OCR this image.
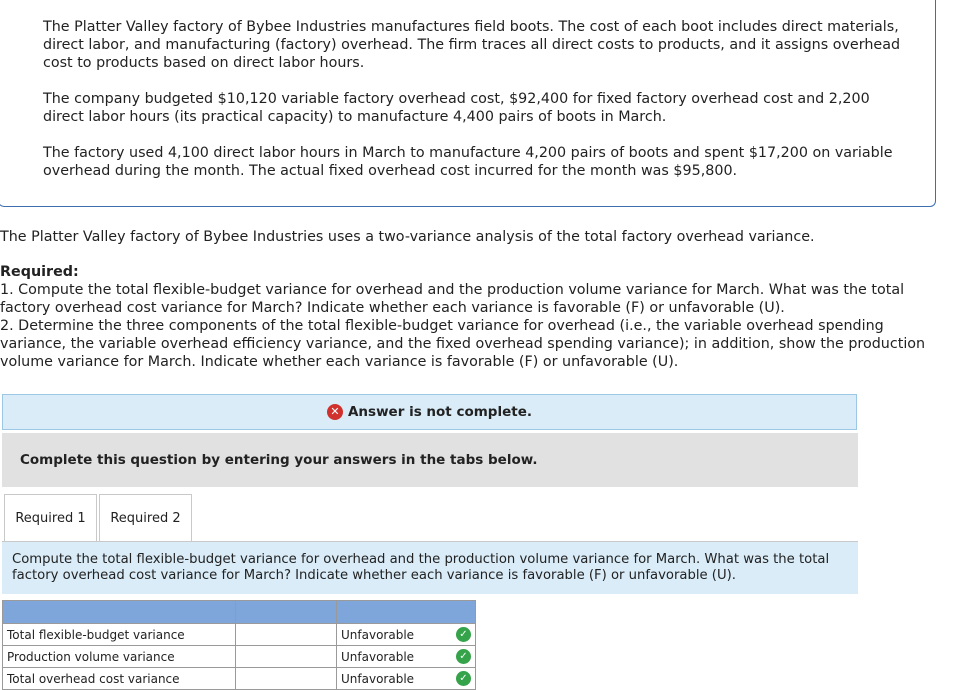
The Platter Valley factory of Bybee Industries manufactures field boots. The cost of each boot includes direct materials, direct labor, and manufacturing (factory) overhead. The firm traces all direct costs to products, and it assigns overhead cost to products based on direct labor hours.

The company budgeted $10,120 variable factory overhead cost, $92,400 for fixed factory overhead cost and 2,200 direct labor hours (its practical capacity) to manufacture 4,400 pairs of boots in March.

The factory used 4,100 direct labor hours in March to manufacture 4,200 pairs of boots and spent $17,200 on variable overhead during the month. The actual fixed overhead cost incurred for the month was $95,800.

The Platter Valley factory of Bybee Industries uses a two-variance analysis of the total factory overhead variance.

Required:
1. Compute the total flexible-budget variance for overhead and the production volume variance for March. What was the total factory overhead cost variance for March? Indicate whether each variance is favorable (F) or unfavorable (U).
2. Determine the three components of the total flexible-budget variance for overhead (i.e., the variable overhead spending variance, the variable overhead efficiency variance, and the fixed overhead spending variance); in addition, show the production volume variance for March. Indicate whether each variance is favorable (F) or unfavorable (U).
✕ Answer is not complete.
Complete this question by entering your answers in the tabs below.
Required 1	Required 2
Compute the total flexible-budget variance for overhead and the production volume variance for March. What was the total factory overhead cost variance for March? Indicate whether each variance is favorable (F) or unfavorable (U).

Total flexible-budget variance		Unfavorable ✓

Production volume variance		Unfavorable ✓

Total overhead cost variance		Unfavorable ✓
